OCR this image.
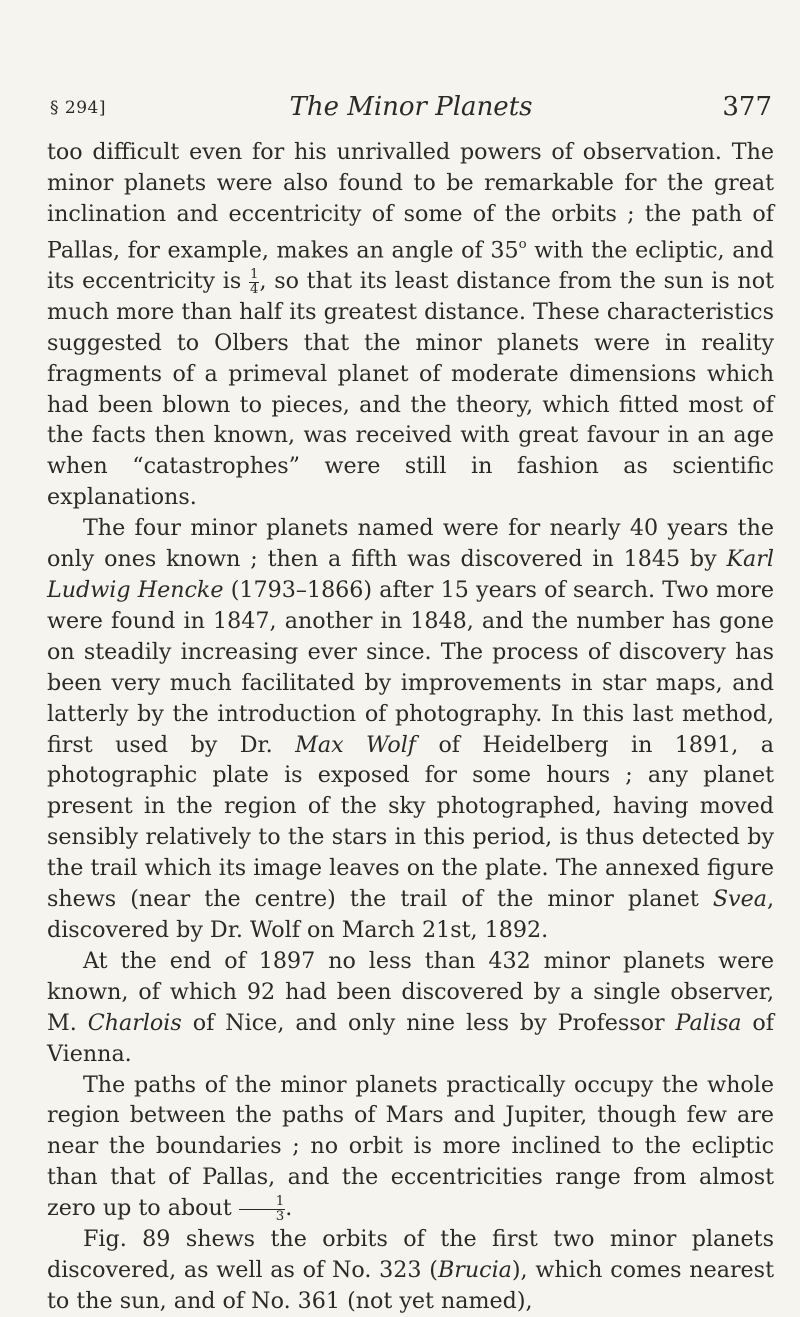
§ 294]	The Minor Planets	377

too difficult even for his unrivalled powers of observation. The minor planets were also found to be remarkable for the great inclination and eccentricity of some of the orbits ; the path of Pallas, for example, makes an angle of 35$^o$ with the ecliptic, and its eccentricity is $\frac{1}{4}$ , so that its least distance from the sun is not much more than half its greatest distance. These characteristics suggested to Olbers that the minor planets were in reality fragments of a primeval planet of moderate dimensions which had been blown to pieces, and the theory, which fitted most of the facts then known, was received with great favour in an age when “catastrophes” were still in fashion as scientific explanations.

The four minor planets named were for nearly 40 years the only ones known ; then a fifth was discovered in 1845 by Karl Ludwig Hencke (1793–1866) after 15 years of search. Two more were found in 1847, another in 1848, and the number has gone on steadily increasing ever since. The process of discovery has been very much facilitated by improvements in star maps, and latterly by the introduction of photography. In this last method, first used by Dr. Max Wolf of Heidelberg in 1891, a photographic plate is exposed for some hours ; any planet present in the region of the sky photographed, having moved sensibly relatively to the stars in this period, is thus detected by the trail which its image leaves on the plate. The annexed figure shews (near the centre) the trail of the minor planet Svea, discovered by Dr. Wolf on March 21st, 1892.

At the end of 1897 no less than 432 minor planets were known, of which 92 had been discovered by a single observer, M. Charlois of Nice, and only nine less by Professor Palisa of Vienna.

The paths of the minor planets practically occupy the whole region between the paths of Mars and Jupiter, though few are near the boundaries ; no orbit is more inclined to the ecliptic than that of Pallas, and the eccentricities range from almost zero up to about $\frac{1}{3}$ .

Fig. 89 shews the orbits of the first two minor planets discovered, as well as of No. 323 (Brucia), which comes nearest to the sun, and of No. 361 (not yet named),
